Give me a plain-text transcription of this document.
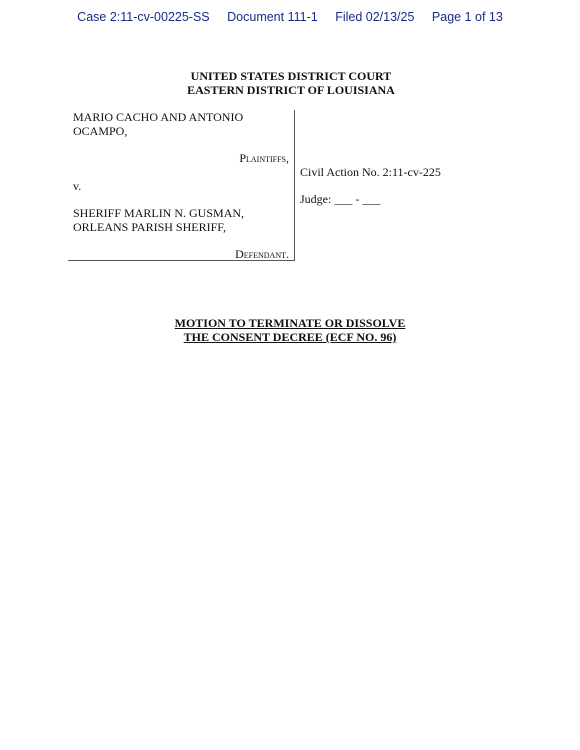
Case 2:11-cv-00225-SS Document 111-1 Filed 02/13/25 Page 1 of 13
UNITED STATES DISTRICT COURT
EASTERN DISTRICT OF LOUISIANA
MARIO CACHO AND ANTONIO OCAMPO,
Plaintiffs,
v.
SHERIFF MARLIN N. GUSMAN, ORLEANS PARISH SHERIFF,
Defendant.
Civil Action No. 2:11-cv-225
Judge: ___ - ___
MOTION TO TERMINATE OR DISSOLVE
THE CONSENT DECREE (ECF NO. 96)
